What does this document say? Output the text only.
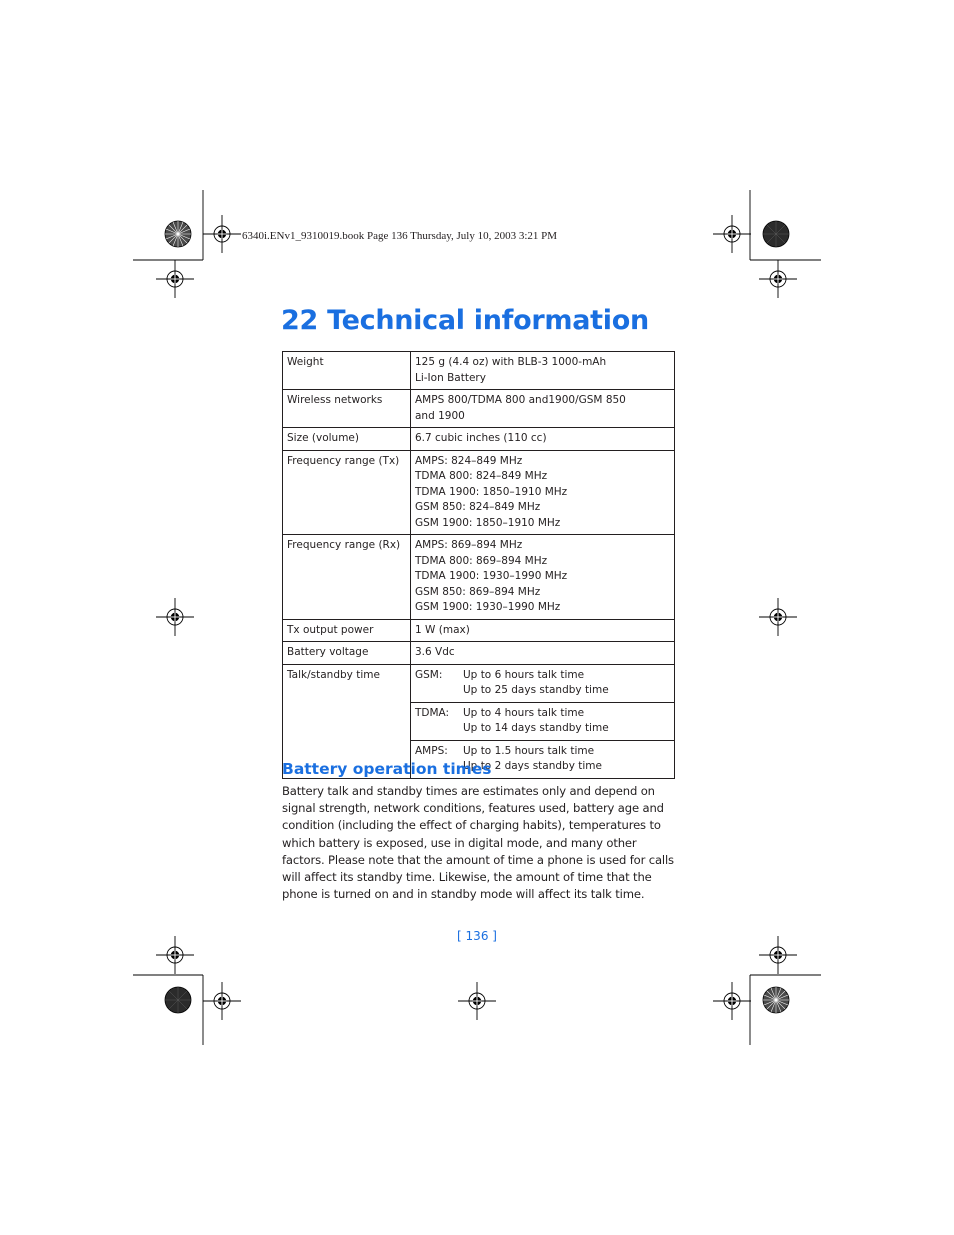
6340i.ENv1_9310019.book Page 136 Thursday, July 10, 2003 3:21 PM
22 Technical information
Weight	125 g (4.4 oz) with BLB-3 1000-mAh
Li-Ion Battery

Wireless networks	AMPS 800/TDMA 800 and1900/GSM 850
and 1900

Size (volume)	6.7 cubic inches (110 cc)
Frequency range (Tx)	AMPS: 824–849 MHz
TDMA 800: 824–849 MHz
TDMA 1900: 1850–1910 MHz
GSM 850: 824–849 MHz
GSM 1900: 1850–1910 MHz

Frequency range (Rx)	AMPS: 869–894 MHz
TDMA 800: 869–894 MHz
TDMA 1900: 1930–1990 MHz
GSM 850: 869–894 MHz
GSM 1900: 1930–1990 MHz

Tx output power	1 W (max)
Battery voltage	3.6 Vdc
Talk/standby time	GSM: Up to 6 hours talk time
Up to 25 days standby time

	TDMA: Up to 4 hours talk time
Up to 14 days standby time

	AMPS: Up to 1.5 hours talk time
Up to 2 days standby time
Battery operation times

Battery talk and standby times are estimates only and depend on signal strength, network conditions, features used, battery age and condition (including the effect of charging habits), temperatures to which battery is exposed, use in digital mode, and many other factors. Please note that the amount of time a phone is used for calls will affect its standby time. Likewise, the amount of time that the phone is turned on and in standby mode will affect its talk time.

[ 136 ]
